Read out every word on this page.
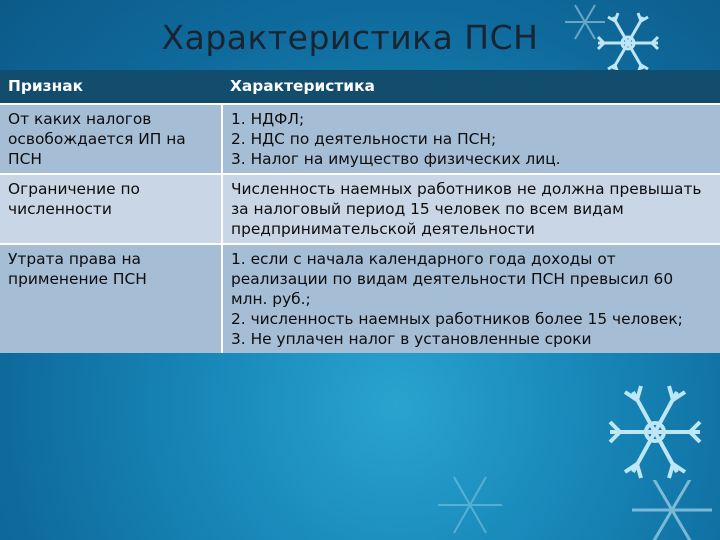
Характеристика ПСН
Признак	Характеристика
От каких налогов освобождается ИП на ПСН	1. НДФЛ;
2. НДС по деятельности на ПСН;
3. Налог на имущество физических лиц.

Ограничение по численности	Численность наемных работников не должна превышать за налоговый период 15 человек по всем видам предпринимательской деятельности

Утрата права на применение ПСН	1. если с начала календарного года доходы от реализации по видам деятельности ПСН превысил 60 млн. руб.;
2. численность наемных работников более 15 человек;
3. Не уплачен налог в установленные сроки
